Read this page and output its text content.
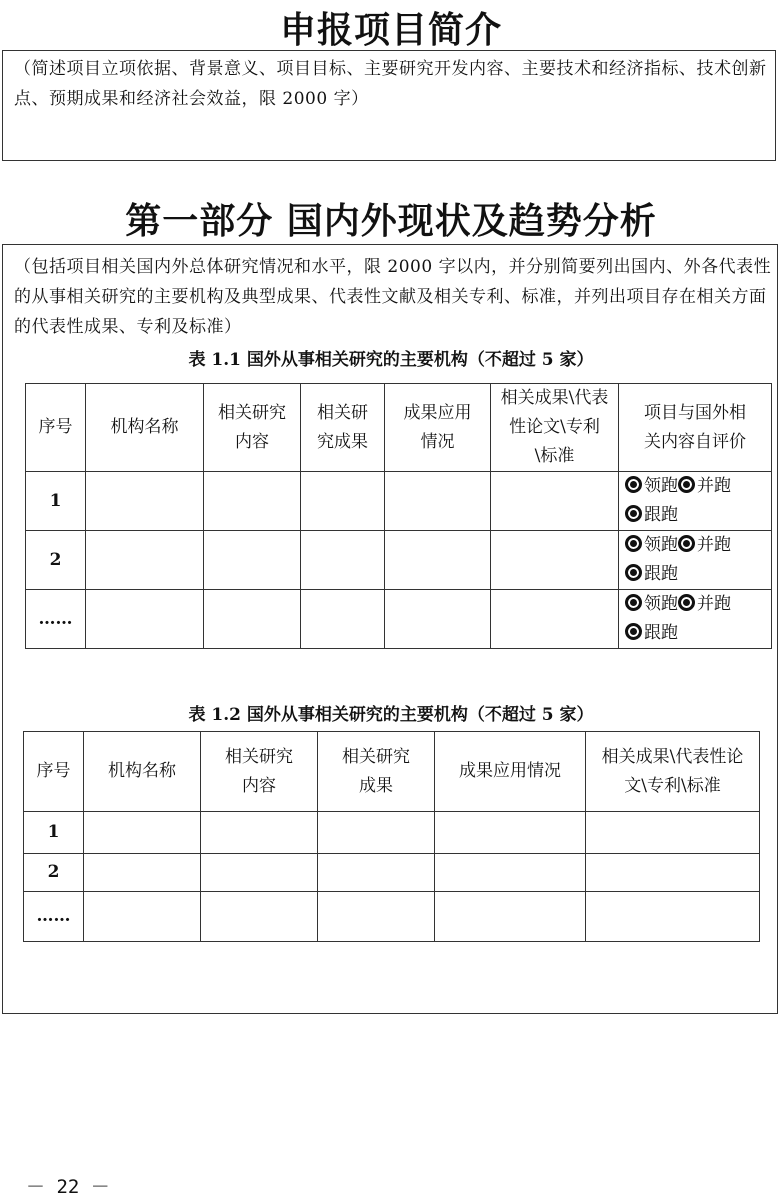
申报项目简介
（简述项目立项依据、背景意义、项目目标、主要研究开发内容、主要技术和经济指标、技术创新点、预期成果和经济社会效益，限 2000 字）
第一部分 国内外现状及趋势分析
（包括项目相关国内外总体研究情况和水平，限 2000 字以内，并分别简要列出国内、外各代表性的从事相关研究的主要机构及典型成果、代表性文献及相关专利、标准，并列出项目存在相关方面的代表性成果、专利及标准）
表 1.1 国外从事相关研究的主要机构（不超过 5 家）
序号	机构名称	相关研究内容	相关研究成果	成果应用情况	相关成果\代表性论文\专利\标准	项目与国外相关内容自评价
1						领跑 并跑
跟跑
2						领跑 并跑
跟跑
……						领跑 并跑
跟跑
表 1.2 国外从事相关研究的主要机构（不超过 5 家）
序号	机构名称	相关研究内容	相关研究成果	成果应用情况	相关成果\代表性论文\专利\标准
1					
2					
……					
－ 22 －
